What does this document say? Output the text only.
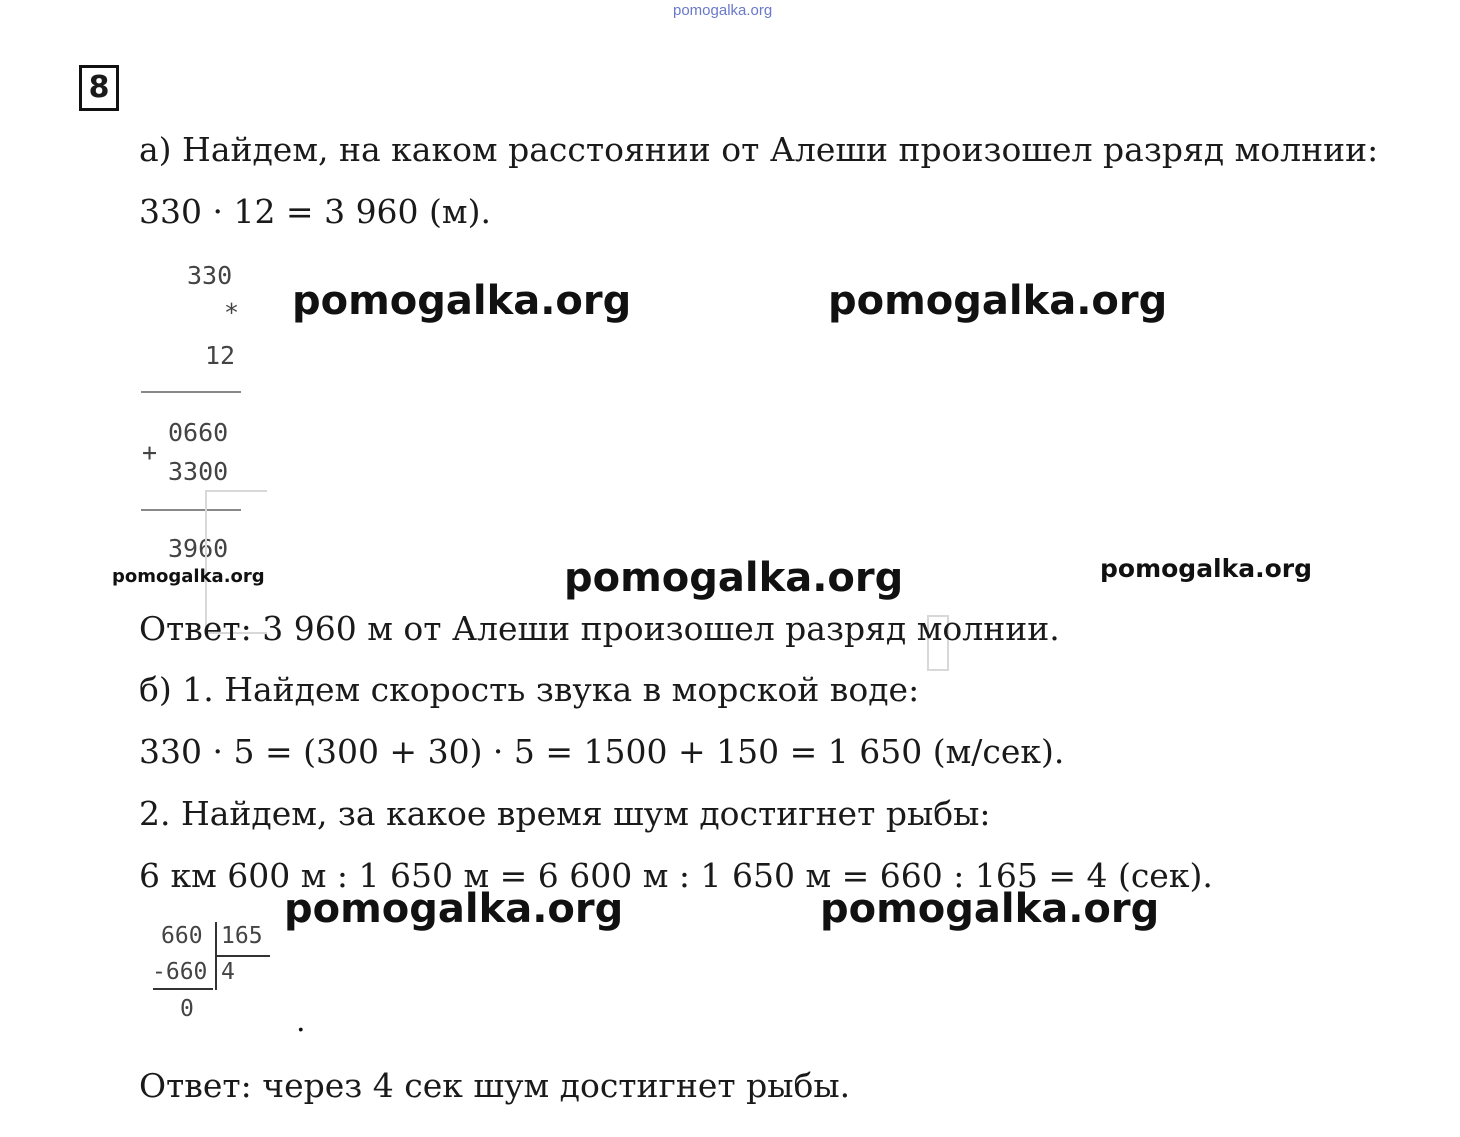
pomogalka.org
8
а) Найдем, на каком расстоянии от Алеши произошел разряд молнии:
330 · 12 = 3 960 (м).
330
*
12
0660
+
3300
3960
pomogalka.org	pomogalka.org
pomogalka.org	pomogalka.org	pomogalka.org
Ответ: 3 960 м от Алеши произошел разряд молнии.
б) 1. Найдем скорость звука в морской воде:
330 · 5 = (300 + 30) · 5 = 1500 + 150 = 1 650 (м/сек).
2. Найдем, за какое время шум достигнет рыбы:
6 км 600 м : 1 650 м = 6 600 м : 1 650 м = 660 : 165 = 4 (сек).
pomogalka.org	pomogalka.org
660 165
-660 4
0	.
Ответ: через 4 сек шум достигнет рыбы.
